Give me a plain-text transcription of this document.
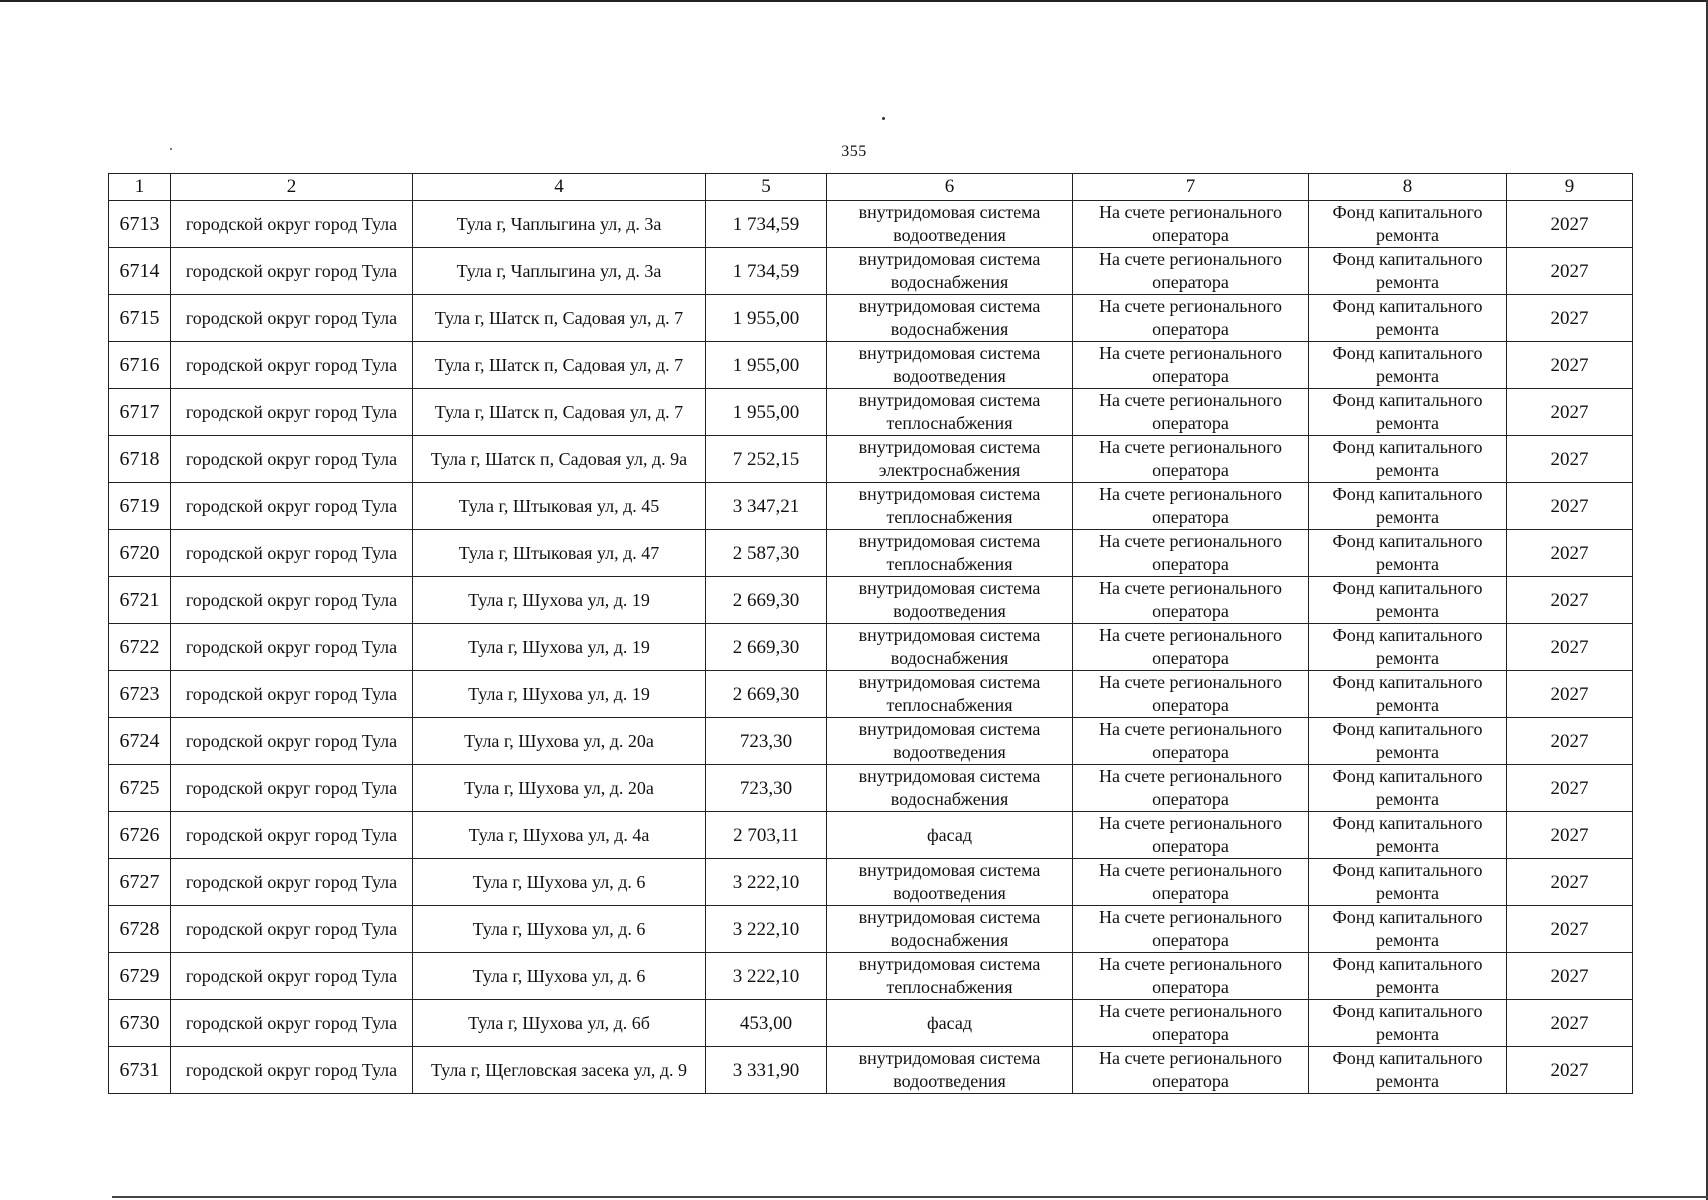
355
1	2	4	5	6	7	8	9
6713	городской округ город Тула	Тула г, Чаплыгина ул, д. 3а	1 734,59	внутридомовая система водоотведения	На счете регионального оператора	Фонд капитального ремонта	2027
6714	городской округ город Тула	Тула г, Чаплыгина ул, д. 3а	1 734,59	внутридомовая система водоснабжения	На счете регионального оператора	Фонд капитального ремонта	2027
6715	городской округ город Тула	Тула г, Шатск п, Садовая ул, д. 7	1 955,00	внутридомовая система водоснабжения	На счете регионального оператора	Фонд капитального ремонта	2027
6716	городской округ город Тула	Тула г, Шатск п, Садовая ул, д. 7	1 955,00	внутридомовая система водоотведения	На счете регионального оператора	Фонд капитального ремонта	2027
6717	городской округ город Тула	Тула г, Шатск п, Садовая ул, д. 7	1 955,00	внутридомовая система теплоснабжения	На счете регионального оператора	Фонд капитального ремонта	2027
6718	городской округ город Тула	Тула г, Шатск п, Садовая ул, д. 9а	7 252,15	внутридомовая система электроснабжения	На счете регионального оператора	Фонд капитального ремонта	2027
6719	городской округ город Тула	Тула г, Штыковая ул, д. 45	3 347,21	внутридомовая система теплоснабжения	На счете регионального оператора	Фонд капитального ремонта	2027
6720	городской округ город Тула	Тула г, Штыковая ул, д. 47	2 587,30	внутридомовая система теплоснабжения	На счете регионального оператора	Фонд капитального ремонта	2027
6721	городской округ город Тула	Тула г, Шухова ул, д. 19	2 669,30	внутридомовая система водоотведения	На счете регионального оператора	Фонд капитального ремонта	2027
6722	городской округ город Тула	Тула г, Шухова ул, д. 19	2 669,30	внутридомовая система водоснабжения	На счете регионального оператора	Фонд капитального ремонта	2027
6723	городской округ город Тула	Тула г, Шухова ул, д. 19	2 669,30	внутридомовая система теплоснабжения	На счете регионального оператора	Фонд капитального ремонта	2027
6724	городской округ город Тула	Тула г, Шухова ул, д. 20а	723,30	внутридомовая система водоотведения	На счете регионального оператора	Фонд капитального ремонта	2027
6725	городской округ город Тула	Тула г, Шухова ул, д. 20а	723,30	внутридомовая система водоснабжения	На счете регионального оператора	Фонд капитального ремонта	2027
6726	городской округ город Тула	Тула г, Шухова ул, д. 4а	2 703,11	фасад	На счете регионального оператора	Фонд капитального ремонта	2027
6727	городской округ город Тула	Тула г, Шухова ул, д. 6	3 222,10	внутридомовая система водоотведения	На счете регионального оператора	Фонд капитального ремонта	2027
6728	городской округ город Тула	Тула г, Шухова ул, д. 6	3 222,10	внутридомовая система водоснабжения	На счете регионального оператора	Фонд капитального ремонта	2027
6729	городской округ город Тула	Тула г, Шухова ул, д. 6	3 222,10	внутридомовая система теплоснабжения	На счете регионального оператора	Фонд капитального ремонта	2027
6730	городской округ город Тула	Тула г, Шухова ул, д. 6б	453,00	фасад	На счете регионального оператора	Фонд капитального ремонта	2027
6731	городской округ город Тула	Тула г, Щегловская засека ул, д. 9	3 331,90	внутридомовая система водоотведения	На счете регионального оператора	Фонд капитального ремонта	2027
